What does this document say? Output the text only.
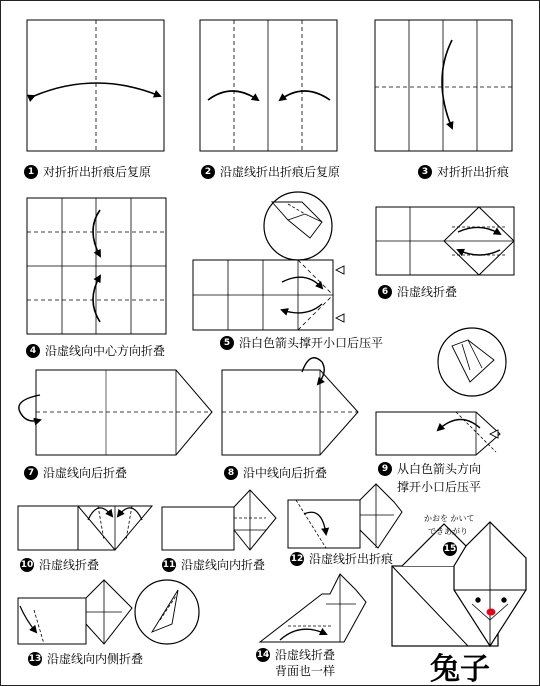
1 对折折出折痕后复原	2 沿虚线折出折痕后复原	3 对折折出折痕
4 沿虚线向中心方向折叠
5 沿白色箭头撑开小口后压平
6 沿虚线折叠
7 沿虚线向后折叠	8 沿中线向后折叠	9 从白色箭头方向
撑开小口后压平
10 沿虚线折叠	11 沿虚线向内折叠	12 沿虚线折出折痕
13 沿虚线向内侧折叠	14 沿虚线折叠
背面也一样
15
かおを かいて
できあがり
兔子
